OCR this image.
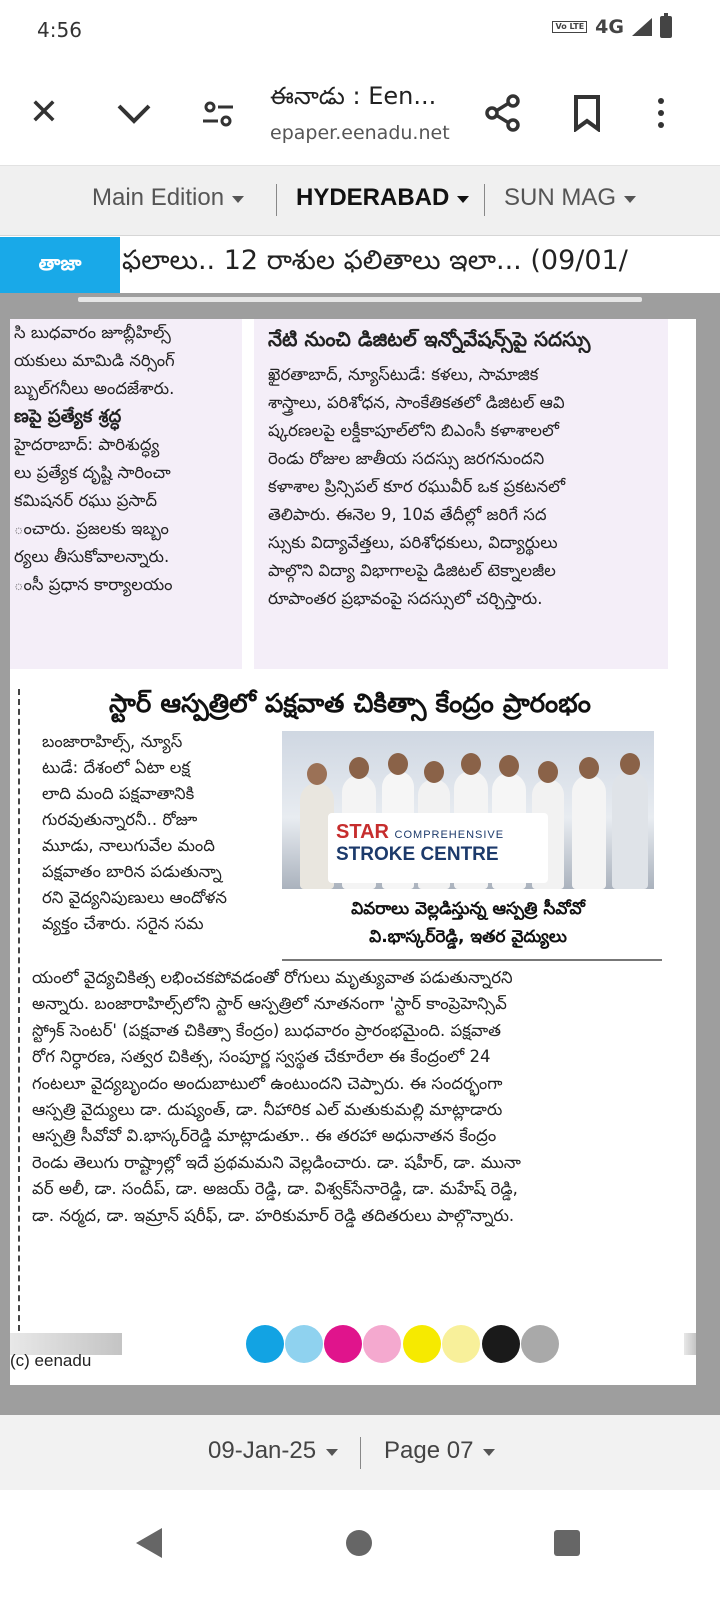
4:56	Vo LTE 4G
✕	ఈనాడు : Een...
epaper.eenadu.net
Main Edition	HYDERABAD SUN MAG
తాజా	ఫలాలు.. 12 రాశుల ఫలితాలు ఇలా... (09/01/

సి బుధవారం జూబ్లీహిల్స్

యకులు మామిడి నర్సింగ్

బ్బుల్‌గనీలు అందజేశారు.

ణపై ప్రత్యేక శ్రద్ధ

హైదరాబాద్: పారిశుద్ధ్య

లు ప్రత్యేక దృష్టి సారించా

కమిషనర్ రఘు ప్రసాద్

ంచారు. ప్రజలకు ఇబ్బం

ర్యలు తీసుకోవాలన్నారు.

ంసీ ప్రధాన కార్యాలయం

నేటి నుంచి డిజిటల్ ఇన్నోవేషన్స్‌పై సదస్సు

ఖైరతాబాద్, న్యూస్‌టుడే: కళలు, సామాజిక

శాస్త్రాలు, పరిశోధన, సాంకేతికతలో డిజిటల్ ఆవి

ష్కరణలపై లక్డీకాపూల్‌లోని బిఎంసీ కళాశాలలో

రెండు రోజుల జాతీయ సదస్సు జరగనుందని

కళాశాల ప్రిన్సిపల్ కూర రఘువీర్ ఒక ప్రకటనలో

తెలిపారు. ఈనెల 9, 10వ తేదీల్లో జరిగే సద

స్సుకు విద్యావేత్తలు, పరిశోధకులు, విద్యార్థులు

పాల్గొని విద్యా విభాగాలపై డిజిటల్ టెక్నాలజీల

రూపాంతర ప్రభావంపై సదస్సులో చర్చిస్తారు.

స్టార్ ఆస్పత్రిలో పక్షవాత చికిత్సా కేంద్రం ప్రారంభం

బంజారాహిల్స్, న్యూస్

టుడే: దేశంలో ఏటా లక్ష

లాది మంది పక్షవాతానికి

గురవుతున్నారనీ.. రోజూ

మూడు, నాలుగువేల మంది

పక్షవాతం బారిన పడుతున్నా

రని వైద్యనిపుణులు ఆందోళన

వ్యక్తం చేశారు. సరైన సమ

STAR COMPREHENSIVE
STROKE CENTRE
వివరాలు వెల్లడిస్తున్న ఆస్పత్రి సీవోవో
వి.భాస్కర్‌రెడ్డి, ఇతర వైద్యులు

యంలో వైద్యచికిత్స లభించకపోవడంతో రోగులు మృత్యువాత పడుతున్నారని

అన్నారు. బంజారాహిల్స్‌లోని స్టార్ ఆస్పత్రిలో నూతనంగా 'స్టార్ కాంప్రెహెన్సివ్

స్ట్రోక్ సెంటర్' (పక్షవాత చికిత్సా కేంద్రం) బుధవారం ప్రారంభమైంది. పక్షవాత

రోగ నిర్ధారణ, సత్వర చికిత్స, సంపూర్ణ స్వస్థత చేకూరేలా ఈ కేంద్రంలో 24

గంటలూ వైద్యబృందం అందుబాటులో ఉంటుందని చెప్పారు. ఈ సందర్భంగా

ఆస్పత్రి వైద్యులు డా. దుష్యంత్, డా. నీహారిక ఎల్ మతుకుమల్లి మాట్లాడారు

ఆస్పత్రి సీవోవో వి.భాస్కర్‌రెడ్డి మాట్లాడుతూ.. ఈ తరహా అధునాతన కేంద్రం

రెండు తెలుగు రాష్ట్రాల్లో ఇదే ప్రథమమని వెల్లడించారు. డా. షహీర్, డా. మునా

వర్ అలీ, డా. సందీప్, డా. అజయ్ రెడ్డి, డా. విశ్వక్‌సేనారెడ్డి, డా. మహేష్ రెడ్డి,

డా. నర్మద, డా. ఇమ్రాన్ షరీఫ్, డా. హరికుమార్ రెడ్డి తదితరులు పాల్గొన్నారు.

(c) eenadu
09-Jan-25	Page 07
